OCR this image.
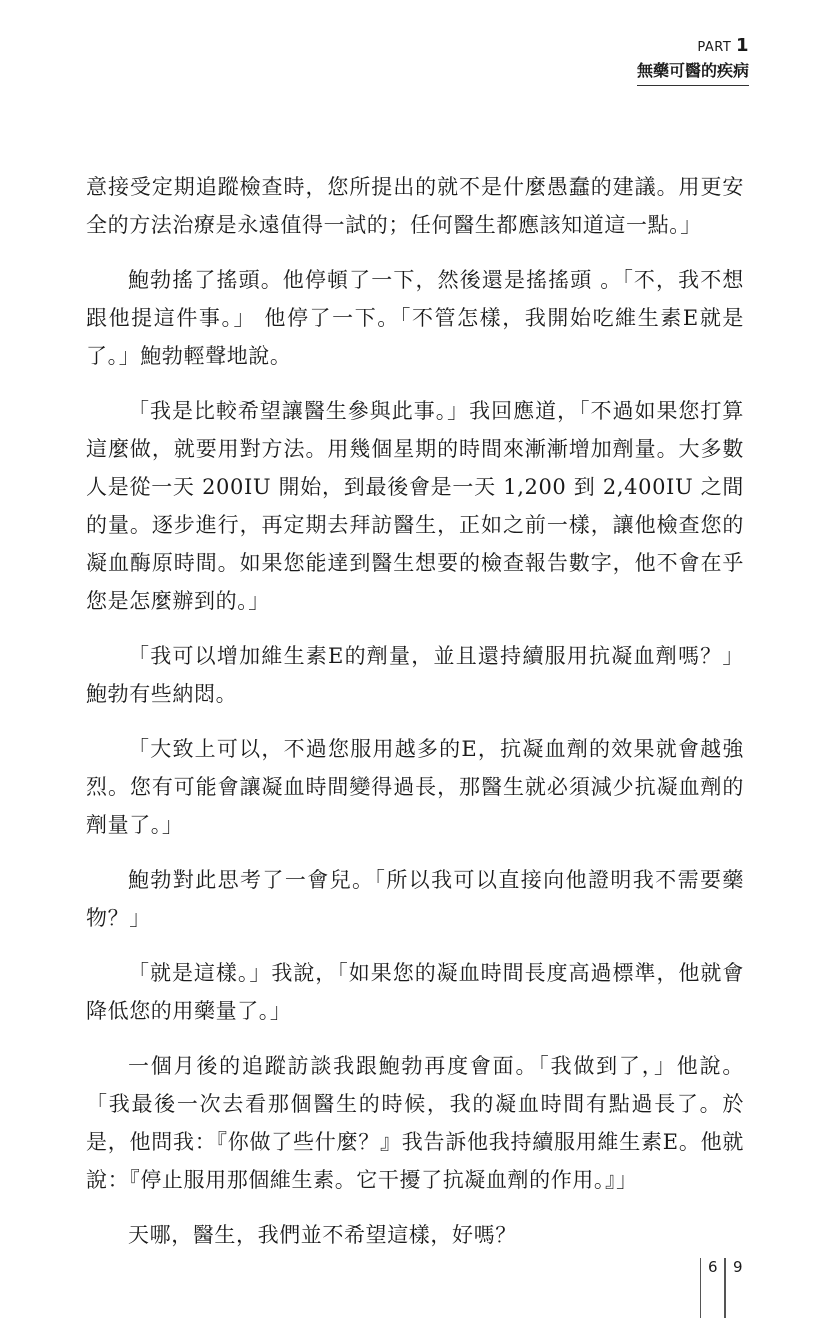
PART 1
無藥可醫的疾病

意接受定期追蹤檢查時，您所提出的就不是什麼愚蠢的建議。用更安全的方法治療是永遠值得一試的；任何醫生都應該知道這一點。」

鮑勃搖了搖頭。他停頓了一下，然後還是搖搖頭 。「不，我不想跟他提這件事。」 他停了一下。「不管怎樣，我開始吃維生素E就是了。」鮑勃輕聲地說。

「我是比較希望讓醫生參與此事。」我回應道，「不過如果您打算這麼做，就要用對方法。用幾個星期的時間來漸漸增加劑量。大多數人是從一天 200IU 開始，到最後會是一天 1,200 到 2,400IU 之間的量。逐步進行，再定期去拜訪醫生，正如之前一樣，讓他檢查您的凝血酶原時間。如果您能達到醫生想要的檢查報告數字，他不會在乎您是怎麼辦到的。」

「我可以增加維生素E的劑量，並且還持續服用抗凝血劑嗎？」鮑勃有些納悶。

「大致上可以，不過您服用越多的E，抗凝血劑的效果就會越強烈。您有可能會讓凝血時間變得過長，那醫生就必須減少抗凝血劑的劑量了。」

鮑勃對此思考了一會兒。「所以我可以直接向他證明我不需要藥物？」

「就是這樣。」我說，「如果您的凝血時間長度高過標準，他就會降低您的用藥量了。」

一個月後的追蹤訪談我跟鮑勃再度會面。「我做到了，」他說。「我最後一次去看那個醫生的時候，我的凝血時間有點過長了。於是，他問我：『你做了些什麼？』我告訴他我持續服用維生素E。他就說：『停止服用那個維生素。它干擾了抗凝血劑的作用。』」

天哪，醫生，我們並不希望這樣，好嗎？

6 9
